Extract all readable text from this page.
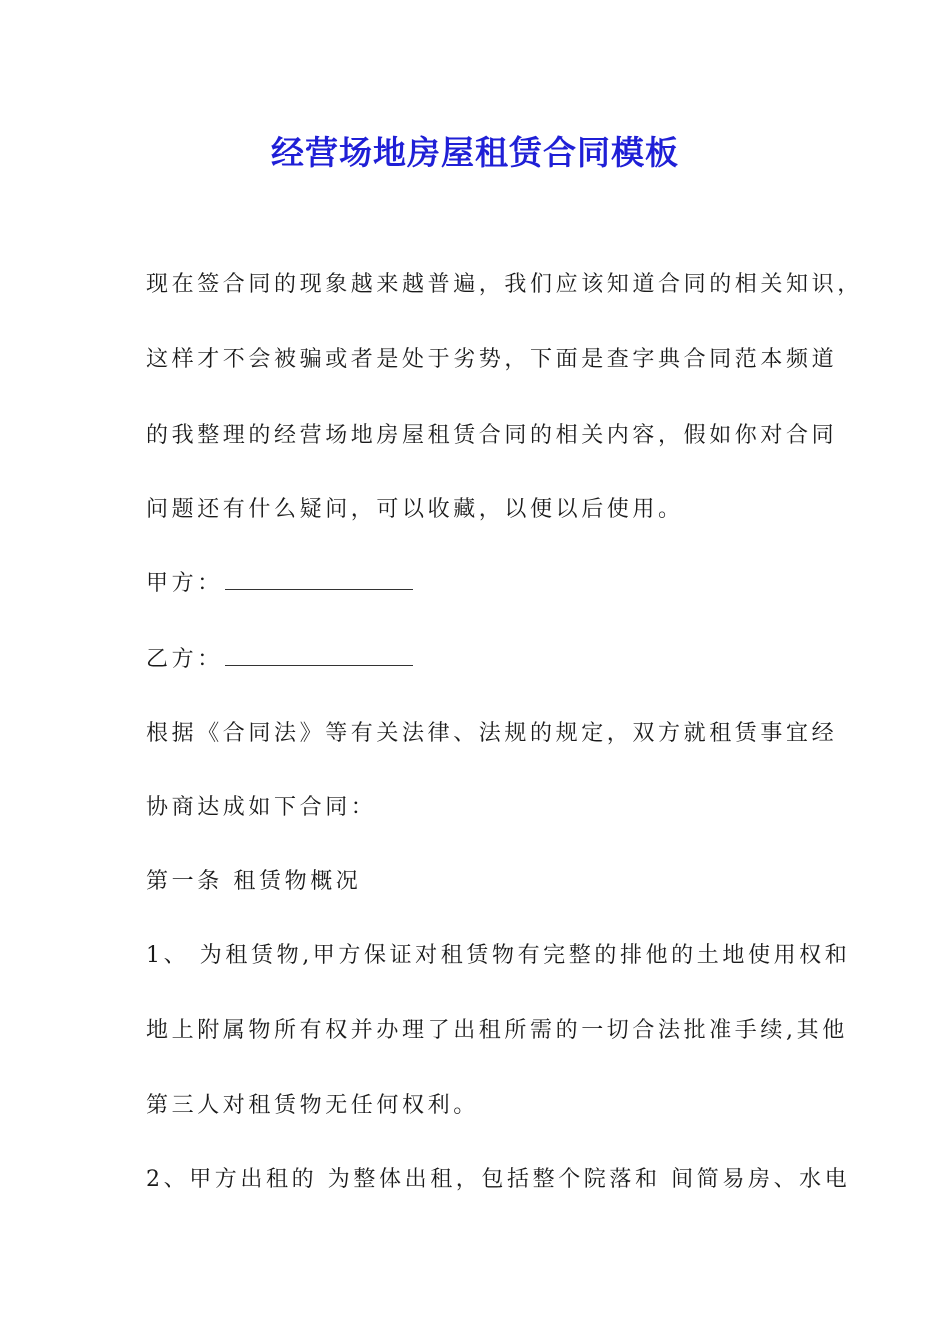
经营场地房屋租赁合同模板
现在签合同的现象越来越普遍，我们应该知道合同的相关知识，
这样才不会被骗或者是处于劣势，下面是查字典合同范本频道
的我整理的经营场地房屋租赁合同的相关内容，假如你对合同
问题还有什么疑问，可以收藏，以便以后使用。
甲方：
乙方：
根据《合同法》等有关法律、法规的规定，双方就租赁事宜经
协商达成如下合同：
第一条 租赁物概况
1、 为租赁物,甲方保证对租赁物有完整的排他的土地使用权和
地上附属物所有权并办理了出租所需的一切合法批准手续,其他
第三人对租赁物无任何权利。
2、甲方出租的 为整体出租，包括整个院落和 间简易房、水电
